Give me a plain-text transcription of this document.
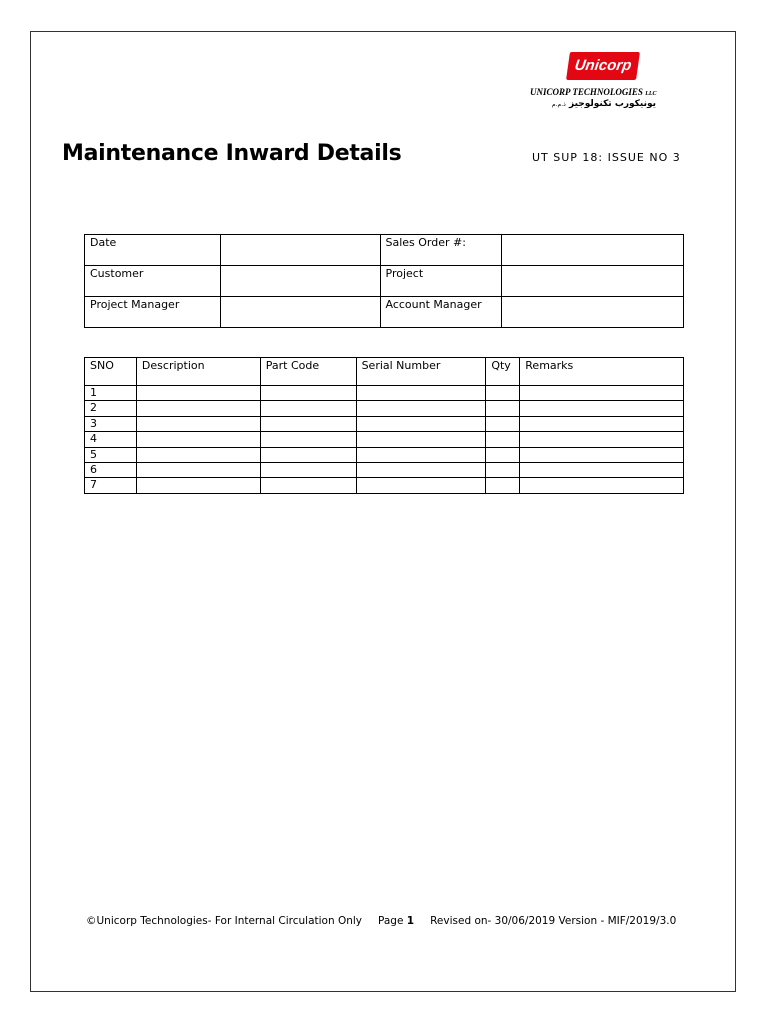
Unicorp
UNICORP TECHNOLOGIES LLC
يونيكورب تكنولوجيز ذ.م.م
Maintenance Inward Details	UT SUP 18: ISSUE NO 3
Date		Sales Order #:	
Customer		Project	
Project Manager		Account Manager	
SNO	Description	Part Code	Serial Number	Qty	Remarks
1					
2					
3					
4					
5					
6					
7					
©Unicorp Technologies- For Internal Circulation Only Page 1 Revised on- 30/06/2019 Version - MIF/2019/3.0
